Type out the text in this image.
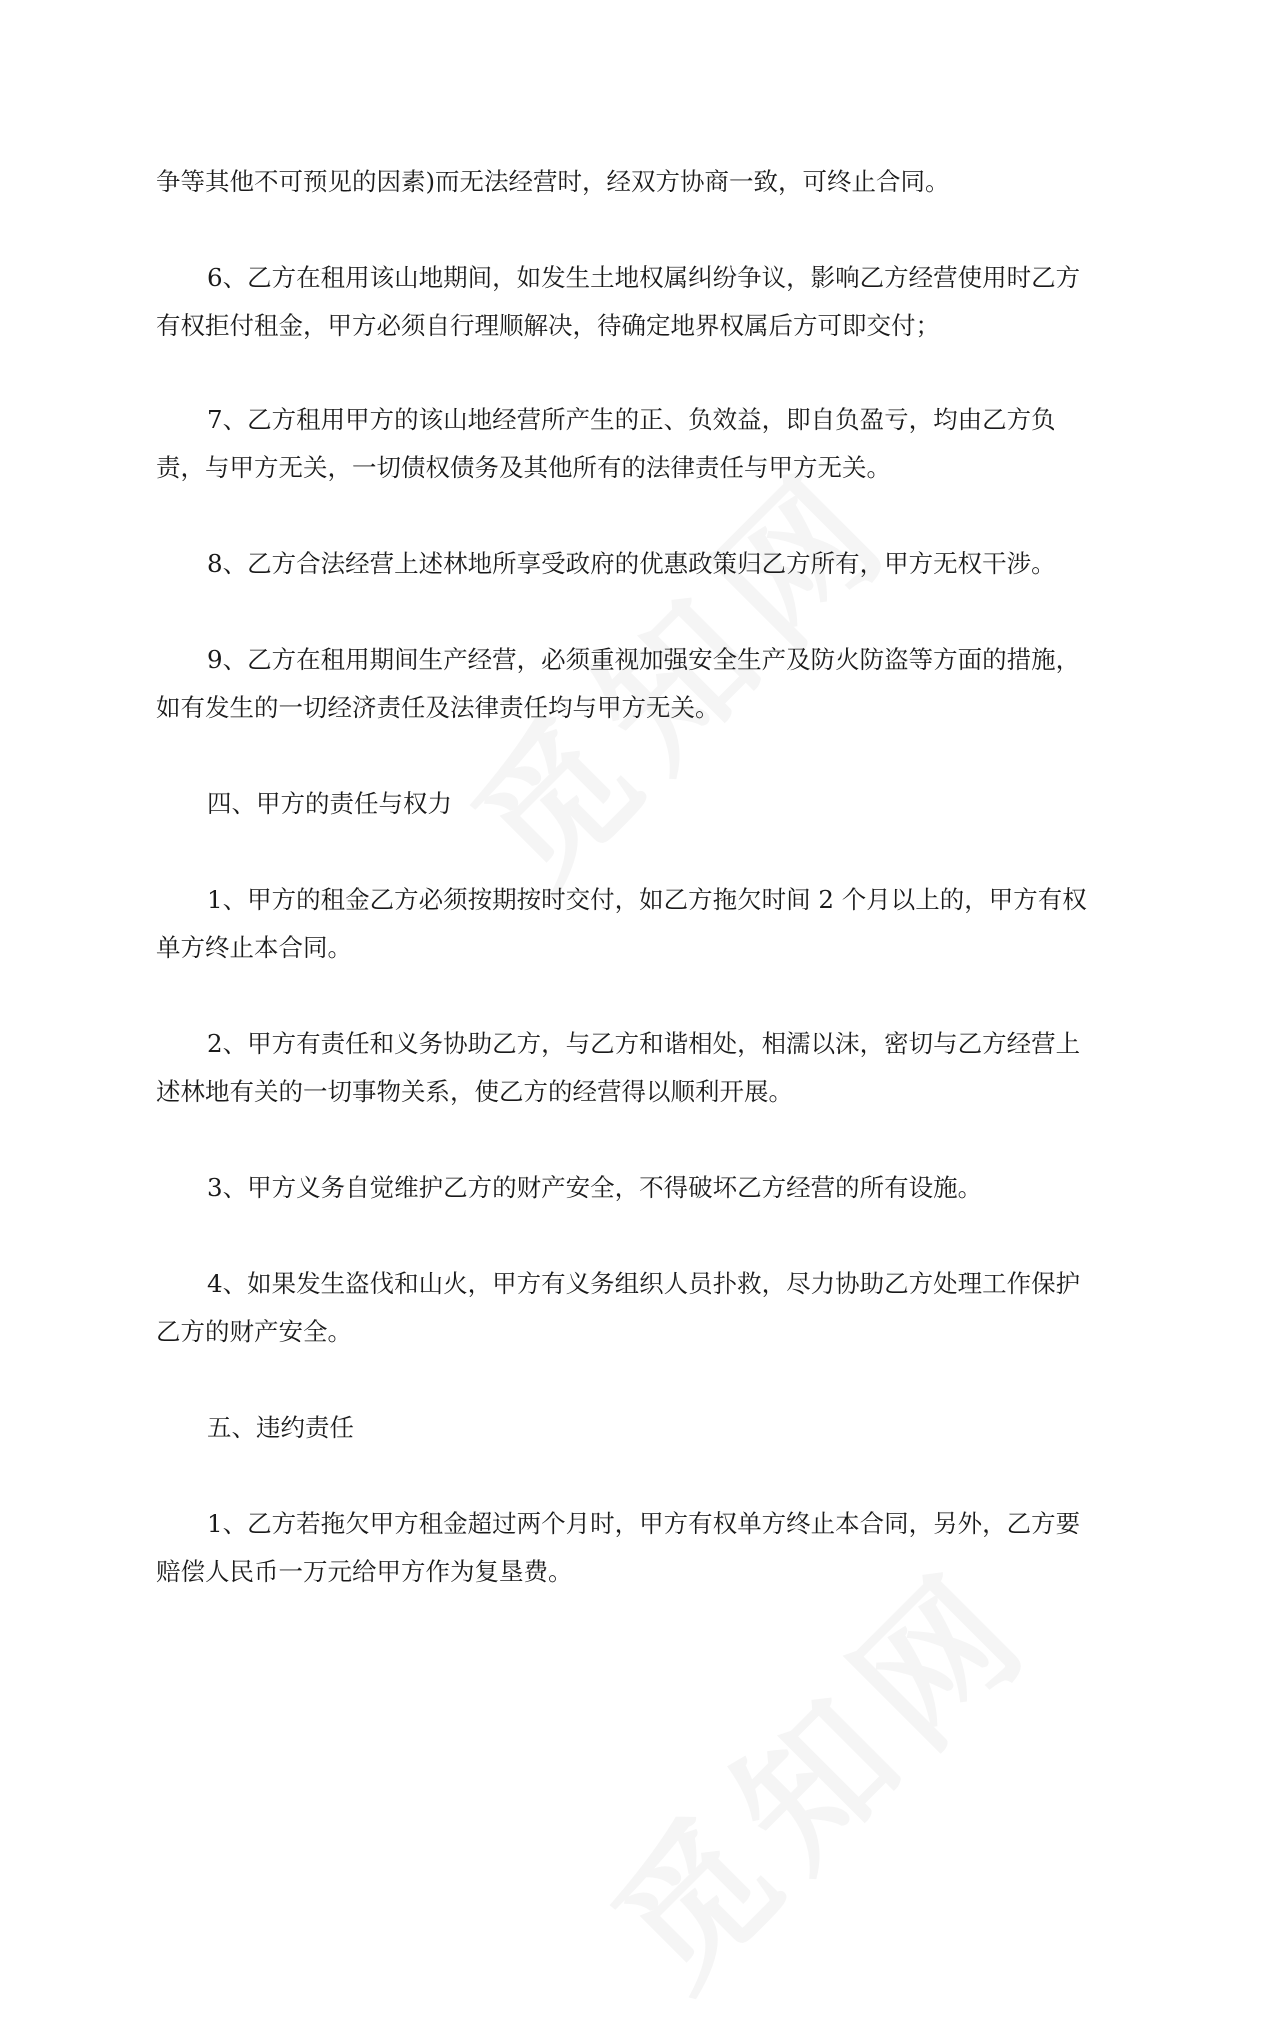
争等其他不可预见的因素)而无法经营时，经双方协商一致，可终止合同。

6、乙方在租用该山地期间，如发生土地权属纠纷争议，影响乙方经营使用时乙方
有权拒付租金，甲方必须自行理顺解决，待确定地界权属后方可即交付；

7、乙方租用甲方的该山地经营所产生的正、负效益，即自负盈亏，均由乙方负
责，与甲方无关，一切债权债务及其他所有的法律责任与甲方无关。

8、乙方合法经营上述林地所享受政府的优惠政策归乙方所有，甲方无权干涉。

9、乙方在租用期间生产经营，必须重视加强安全生产及防火防盗等方面的措施，
如有发生的一切经济责任及法律责任均与甲方无关。

四、甲方的责任与权力

1、甲方的租金乙方必须按期按时交付，如乙方拖欠时间 2 个月以上的，甲方有权
单方终止本合同。

2、甲方有责任和义务协助乙方，与乙方和谐相处，相濡以沫，密切与乙方经营上
述林地有关的一切事物关系，使乙方的经营得以顺利开展。

3、甲方义务自觉维护乙方的财产安全，不得破坏乙方经营的所有设施。

4、如果发生盗伐和山火，甲方有义务组织人员扑救，尽力协助乙方处理工作保护
乙方的财产安全。

五、违约责任

1、乙方若拖欠甲方租金超过两个月时，甲方有权单方终止本合同，另外，乙方要
赔偿人民币一万元给甲方作为复垦费。
